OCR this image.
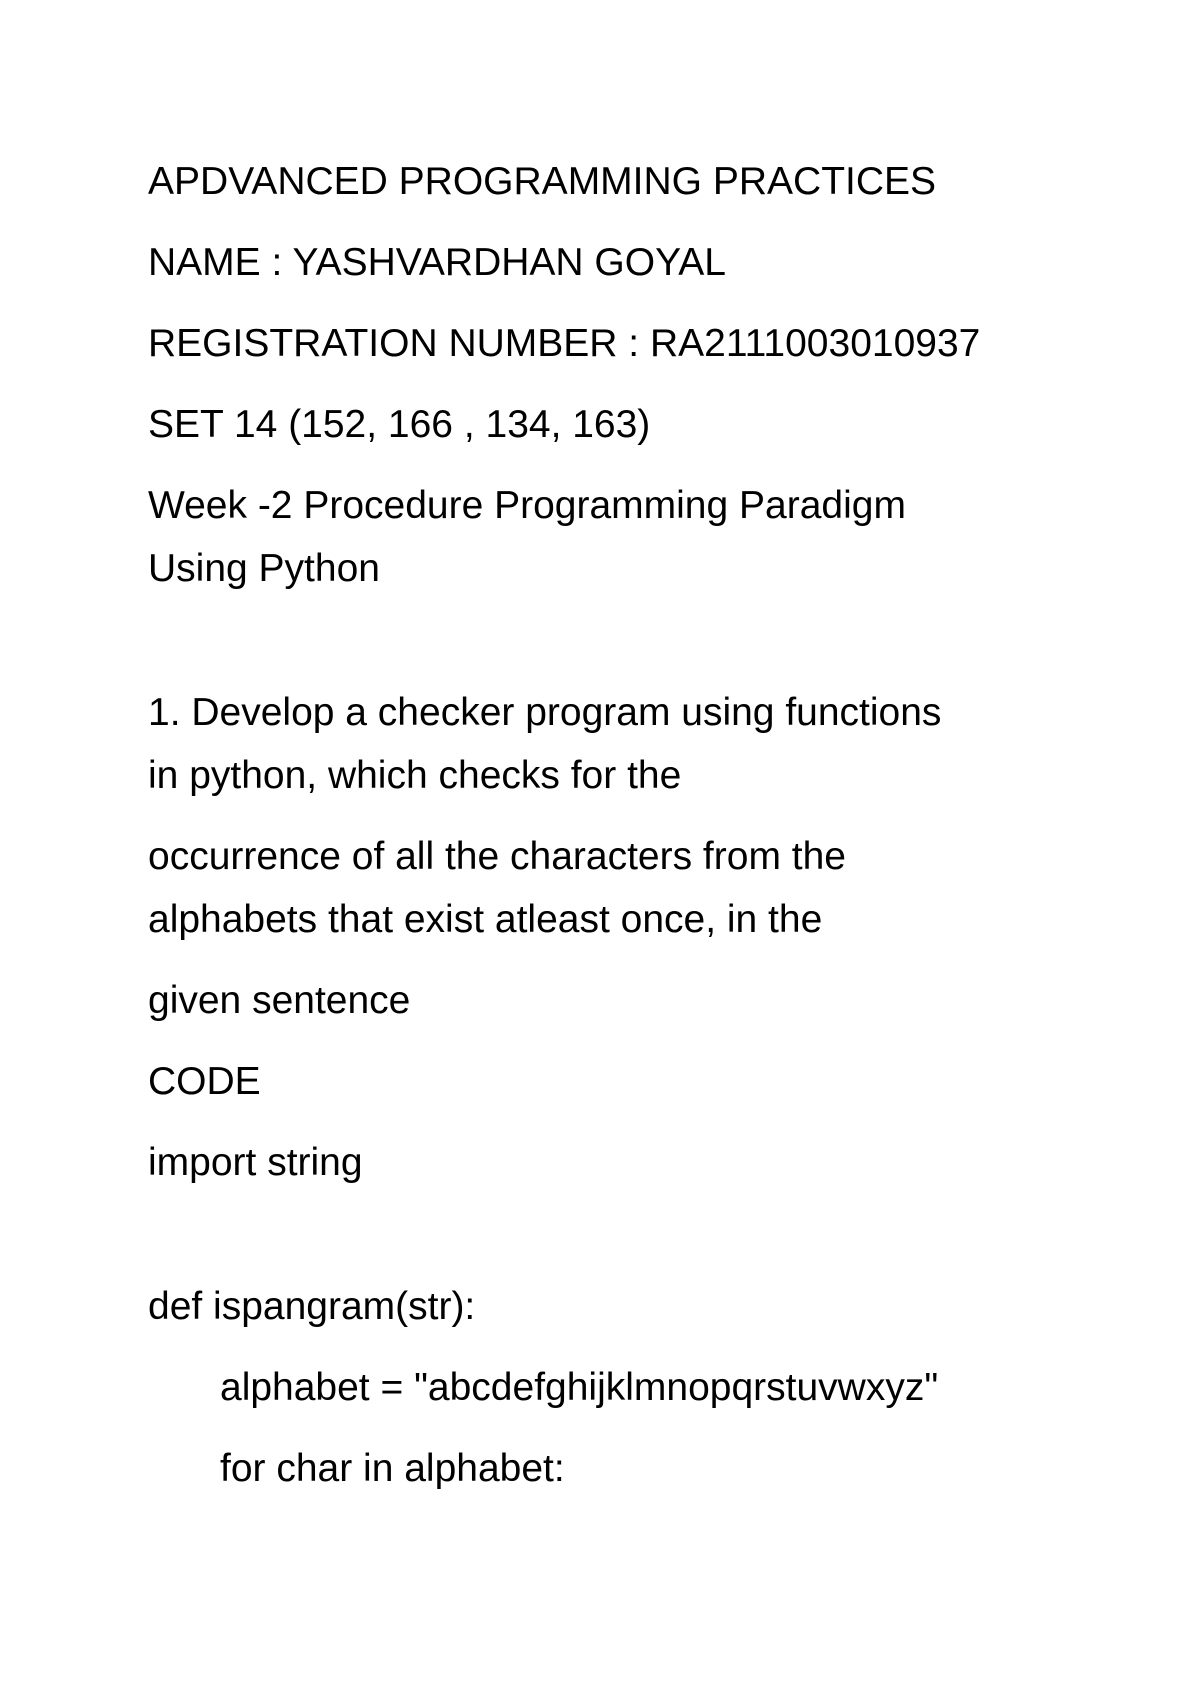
APDVANCED PROGRAMMING PRACTICES

NAME : YASHVARDHAN GOYAL

REGISTRATION NUMBER : RA2111003010937

SET 14 (152, 166 , 134, 163)

Week -2 Procedure Programming Paradigm

Using Python

1. Develop a checker program using functions

in python, which checks for the

occurrence of all the characters from the

alphabets that exist atleast once, in the

given sentence

CODE

import string

def ispangram(str):

alphabet = "abcdefghijklmnopqrstuvwxyz"

for char in alphabet:
